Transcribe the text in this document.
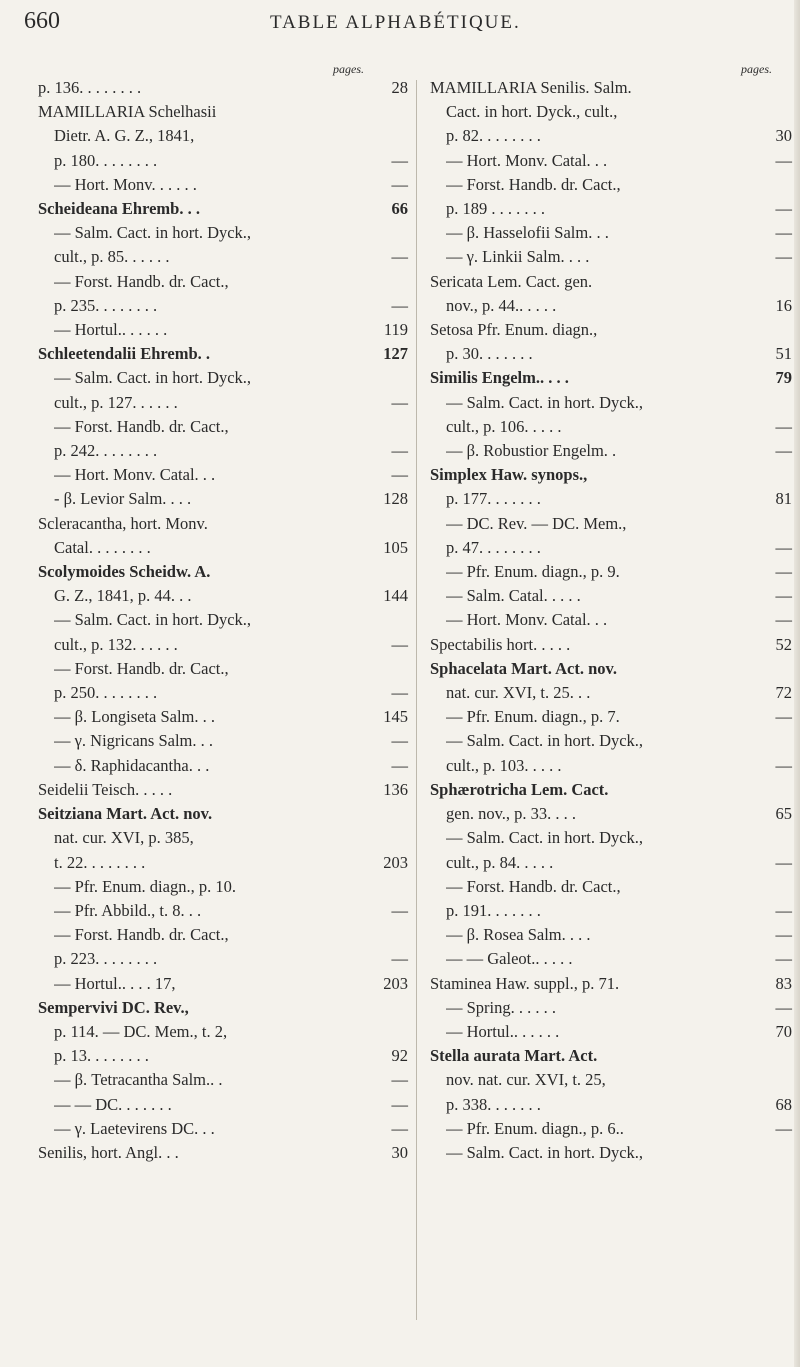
660	TABLE ALPHABÉTIQUE.
pages.
p. 136. . . . . . . .	28
MAMILLARIA Schelhasii
Dietr. A. G. Z., 1841,
p. 180. . . . . . . .	—
— Hort. Monv. . . . . .	—
Scheideana Ehremb. . .	66
— Salm. Cact. in hort. Dyck.,
cult., p. 85. . . . . .	—
— Forst. Handb. dr. Cact.,
p. 235. . . . . . . .	—
— Hortul.. . . . . .	119
Schleetendalii Ehremb. .	127
— Salm. Cact. in hort. Dyck.,
cult., p. 127. . . . . .	—
— Forst. Handb. dr. Cact.,
p. 242. . . . . . . .	—
— Hort. Monv. Catal. . .	—
- β. Levior Salm. . . .	128
Scleracantha, hort. Monv.
Catal. . . . . . . .	105
Scolymoides Scheidw. A.
G. Z., 1841, p. 44. . .	144
— Salm. Cact. in hort. Dyck.,
cult., p. 132. . . . . .	—
— Forst. Handb. dr. Cact.,
p. 250. . . . . . . .	—
— β. Longiseta Salm. . .	145
— γ. Nigricans Salm. . .	—
— δ. Raphidacantha. . .	—
Seidelii Teisch. . . . .	136
Seitziana Mart. Act. nov.
nat. cur. XVI, p. 385,
t. 22. . . . . . . .	203
— Pfr. Enum. diagn., p. 10.
— Pfr. Abbild., t. 8. . .	—
— Forst. Handb. dr. Cact.,
p. 223. . . . . . . .	—
— Hortul.. . . . 17,	203
Sempervivi DC. Rev.,
p. 114. — DC. Mem., t. 2,
p. 13. . . . . . . .	92
— β. Tetracantha Salm.. .	—
— — DC. . . . . . .	—
— γ. Laetevirens DC. . .	—
Senilis, hort. Angl. . .	30
pages.
MAMILLARIA Senilis. Salm.
Cact. in hort. Dyck., cult.,
p. 82. . . . . . . .	30
— Hort. Monv. Catal. . .	—
— Forst. Handb. dr. Cact.,
p. 189 . . . . . . .	—
— β. Hasselofii Salm. . .	—
— γ. Linkii Salm. . . .	—
Sericata Lem. Cact. gen.
nov., p. 44.. . . . .	16
Setosa Pfr. Enum. diagn.,
p. 30. . . . . . .	51
Similis Engelm.. . . .	79
— Salm. Cact. in hort. Dyck.,
cult., p. 106. . . . .	—
— β. Robustior Engelm. .	—
Simplex Haw. synops.,
p. 177. . . . . . .	81
— DC. Rev. — DC. Mem.,
p. 47. . . . . . . .	—
— Pfr. Enum. diagn., p. 9.	—
— Salm. Catal. . . . .	—
— Hort. Monv. Catal. . .	—
Spectabilis hort. . . . .	52
Sphacelata Mart. Act. nov.
nat. cur. XVI, t. 25. . .	72
— Pfr. Enum. diagn., p. 7.	—
— Salm. Cact. in hort. Dyck.,
cult., p. 103. . . . .	—
Sphærotricha Lem. Cact.
gen. nov., p. 33. . . .	65
— Salm. Cact. in hort. Dyck.,
cult., p. 84. . . . .	—
— Forst. Handb. dr. Cact.,
p. 191. . . . . . .	—
— β. Rosea Salm. . . .	—
— — Galeot.. . . . .	—
Staminea Haw. suppl., p. 71.	83
— Spring. . . . . .	—
— Hortul.. . . . . .	70
Stella aurata Mart. Act.
nov. nat. cur. XVI, t. 25,
p. 338. . . . . . .	68
— Pfr. Enum. diagn., p. 6..	—
— Salm. Cact. in hort. Dyck.,
